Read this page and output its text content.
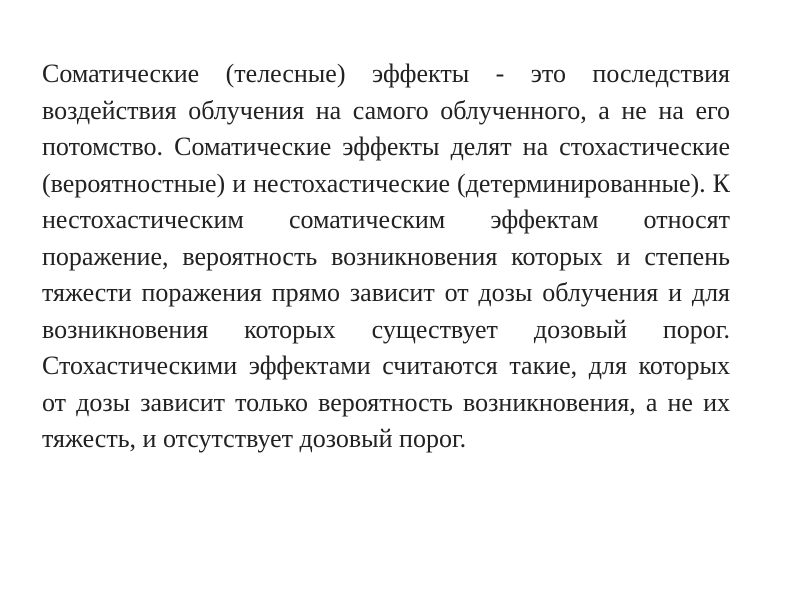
Соматические (телесные) эффекты - это последствия воздействия облучения на самого облученного, а не на его потомство. Соматические эффекты делят на стохастические (вероятностные) и нестохастические (детерминированные). К нестохастическим соматическим эффектам относят поражение, вероятность возникновения которых и степень тяжести поражения прямо зависит от дозы облучения и для возникновения которых существует дозовый порог. Стохастическими эффектами считаются такие, для которых от дозы зависит только вероятность возникновения, а не их тяжесть, и отсутствует дозовый порог.
